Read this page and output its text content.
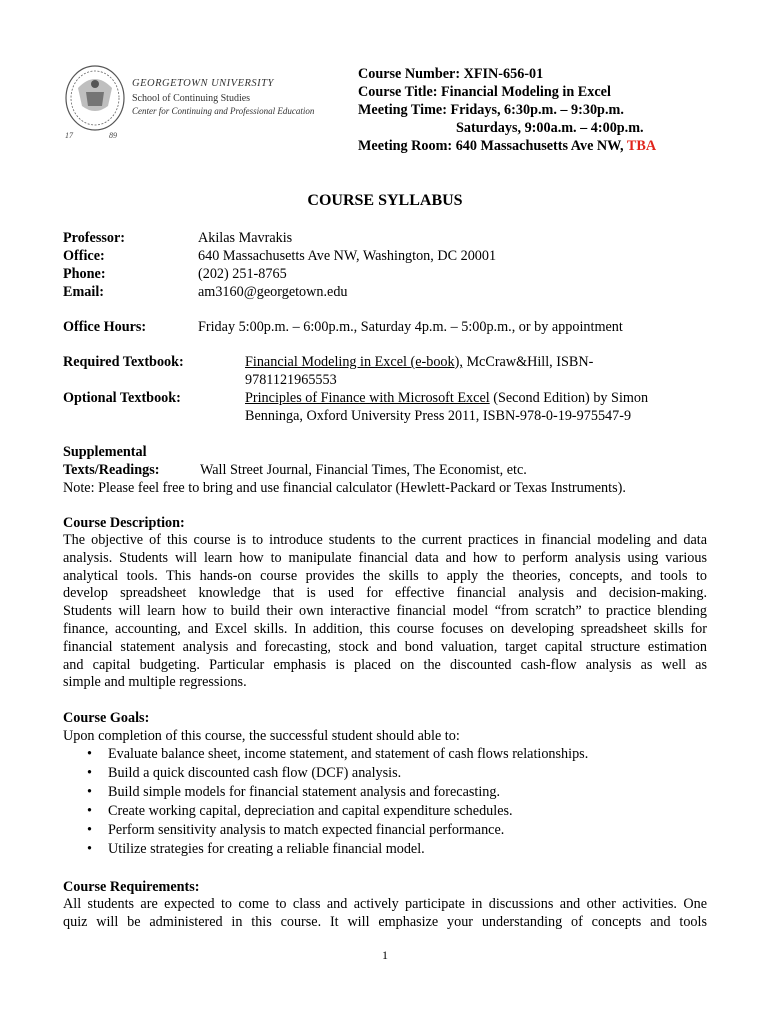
17	89
GEORGETOWN UNIVERSITY
School of Continuing Studies
Center for Continuing and Professional Education
Course Number: XFIN-656-01
Course Title: Financial Modeling in Excel
Meeting Time: Fridays, 6:30p.m. – 9:30p.m.
Saturdays, 9:00a.m. – 4:00p.m.
Meeting Room: 640 Massachusetts Ave NW, TBA
COURSE SYLLABUS
Professor:	Akilas Mavrakis
Office:	640 Massachusetts Ave NW, Washington, DC 20001
Phone:	(202) 251-8765
Email:	am3160@georgetown.edu
Office Hours:	Friday 5:00p.m. – 6:00p.m., Saturday 4p.m. – 5:00p.m., or by appointment
Required Textbook:	Financial Modeling in Excel (e-book), McCraw&Hill, ISBN-
9781121965553
Optional Textbook:	Principles of Finance with Microsoft Excel (Second Edition) by Simon
Benninga, Oxford University Press 2011, ISBN-978-0-19-975547-9
Supplemental
Texts/Readings:	Wall Street Journal, Financial Times, The Economist, etc.
Note: Please feel free to bring and use financial calculator (Hewlett-Packard or Texas Instruments).
Course Description:
The objective of this course is to introduce students to the current practices in financial modeling and data
analysis. Students will learn how to manipulate financial data and how to perform analysis using various
analytical tools. This hands-on course provides the skills to apply the theories, concepts, and tools to
develop spreadsheet knowledge that is used for effective financial analysis and decision-making.
Students will learn how to build their own interactive financial model “from scratch” to practice blending
finance, accounting, and Excel skills. In addition, this course focuses on developing spreadsheet skills for
financial statement analysis and forecasting, stock and bond valuation, target capital structure estimation
and capital budgeting. Particular emphasis is placed on the discounted cash-flow analysis as well as
simple and multiple regressions.
Course Goals:
Upon completion of this course, the successful student should able to:
• Evaluate balance sheet, income statement, and statement of cash flows relationships.
• Build a quick discounted cash flow (DCF) analysis.
• Build simple models for financial statement analysis and forecasting.
• Create working capital, depreciation and capital expenditure schedules.
• Perform sensitivity analysis to match expected financial performance.
• Utilize strategies for creating a reliable financial model.
Course Requirements:
All students are expected to come to class and actively participate in discussions and other activities. One
quiz will be administered in this course. It will emphasize your understanding of concepts and tools
1
